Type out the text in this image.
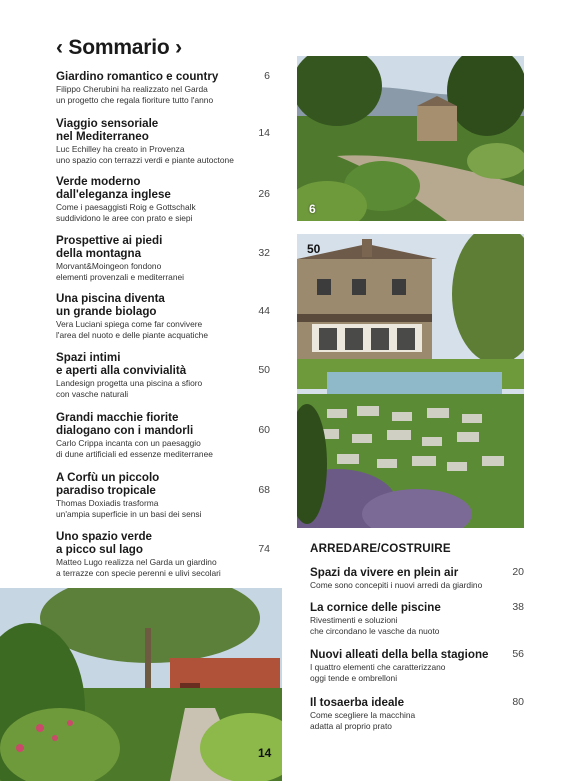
‹ Sommario ›
Giardino romantico e country
Filippo Cherubini ha realizzato nel Garda
un progetto che regala fioriture tutto l'anno
6
Viaggio sensoriale
nel Mediterraneo
Luc Echilley ha creato in Provenza
uno spazio con terrazzi verdi e piante autoctone
14
Verde moderno
dall'eleganza inglese
Come i paesaggisti Roig e Gottschalk
suddividono le aree con prato e siepi
26
Prospettive ai piedi
della montagna
Morvant&Moingeon fondono
elementi provenzali e mediterranei
32
Una piscina diventa
un grande biolago
Vera Luciani spiega come far convivere
l'area del nuoto e delle piante acquatiche
44
Spazi intimi
e aperti alla convivialità
Landesign progetta una piscina a sfioro
con vasche naturali
50
Grandi macchie fiorite
dialogano con i mandorli
Carlo Crippa incanta con un paesaggio
di dune artificiali ed essenze mediterranee
60
A Corfù un piccolo
paradiso tropicale
Thomas Doxiadis trasforma
un'ampia superficie in un basi dei sensi
68
Uno spazio verde
a picco sul lago
Matteo Lugo realizza nel Garda un giardino
a terrazze con specie perenni e ulivi secolari
74	ARREDARE/COSTRUIRE
Spazi da vivere en plein air
Come sono concepiti i nuovi arredi da giardino
20
La cornice delle piscine
Rivestimenti e soluzioni
che circondano le vasche da nuoto
38
Nuovi alleati della bella stagione
I quattro elementi che caratterizzano
oggi tende e ombrelloni
56
Il tosaerba ideale
Come scegliere la macchina
adatta al proprio prato
80
6
50
14
